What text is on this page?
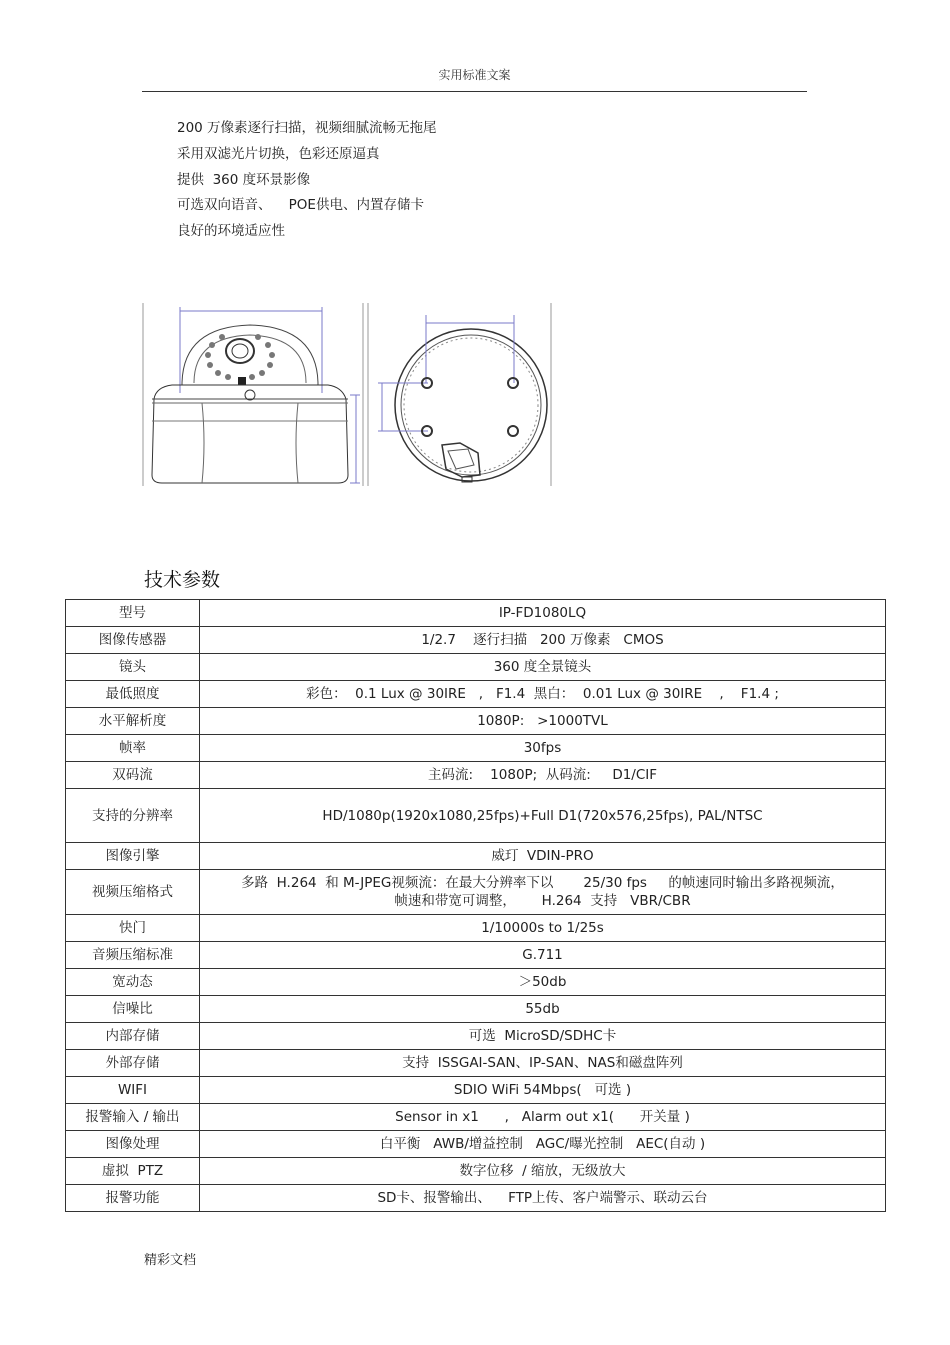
实用标准文案
200 万像素逐行扫描，视频细腻流畅无拖尾
采用双滤光片切换，色彩还原逼真
提供  360 度环景影像
可选双向语音、    POE供电、内置存储卡
良好的环境适应性
技术参数
型号	IP-FD1080LQ
图像传感器	1/2.7    逐行扫描   200 万像素   CMOS
镜头	360 度全景镜头
最低照度	彩色：  0.1 Lux @ 30IRE   ,   F1.4  黑白：  0.01 Lux @ 30IRE    ,    F1.4 ;
水平解析度	1080P:   >1000TVL
帧率	30fps
双码流	主码流:    1080P;  从码流:     D1/CIF
支持的分辨率	HD/1080p(1920x1080,25fps)+Full D1(720x576,25fps), PAL/NTSC
图像引擎	威玎  VDIN-PRO
视频压缩格式	多路  H.264  和 M-JPEG视频流：在最大分辨率下以       25/30 fps     的帧速同时输出多路视频流，
帧速和带宽可调整，      H.264  支持   VBR/CBR
快门	1/10000s to 1/25s
音频压缩标准	G.711
宽动态	＞50db
信噪比	55db
内部存储	可选  MicroSD/SDHC卡
外部存储	支持  ISSGAI-SAN、IP-SAN、NAS和磁盘阵列
WIFI	SDIO WiFi 54Mbps(   可选 )
报警输入 / 输出	Sensor in x1      ,   Alarm out x1(      开关量 )
图像处理	白平衡   AWB/增益控制   AGC/曝光控制   AEC(自动 )
虚拟  PTZ	数字位移  / 缩放，无级放大
报警功能	SD卡、报警输出、    FTP上传、客户端警示、联动云台
精彩文档
